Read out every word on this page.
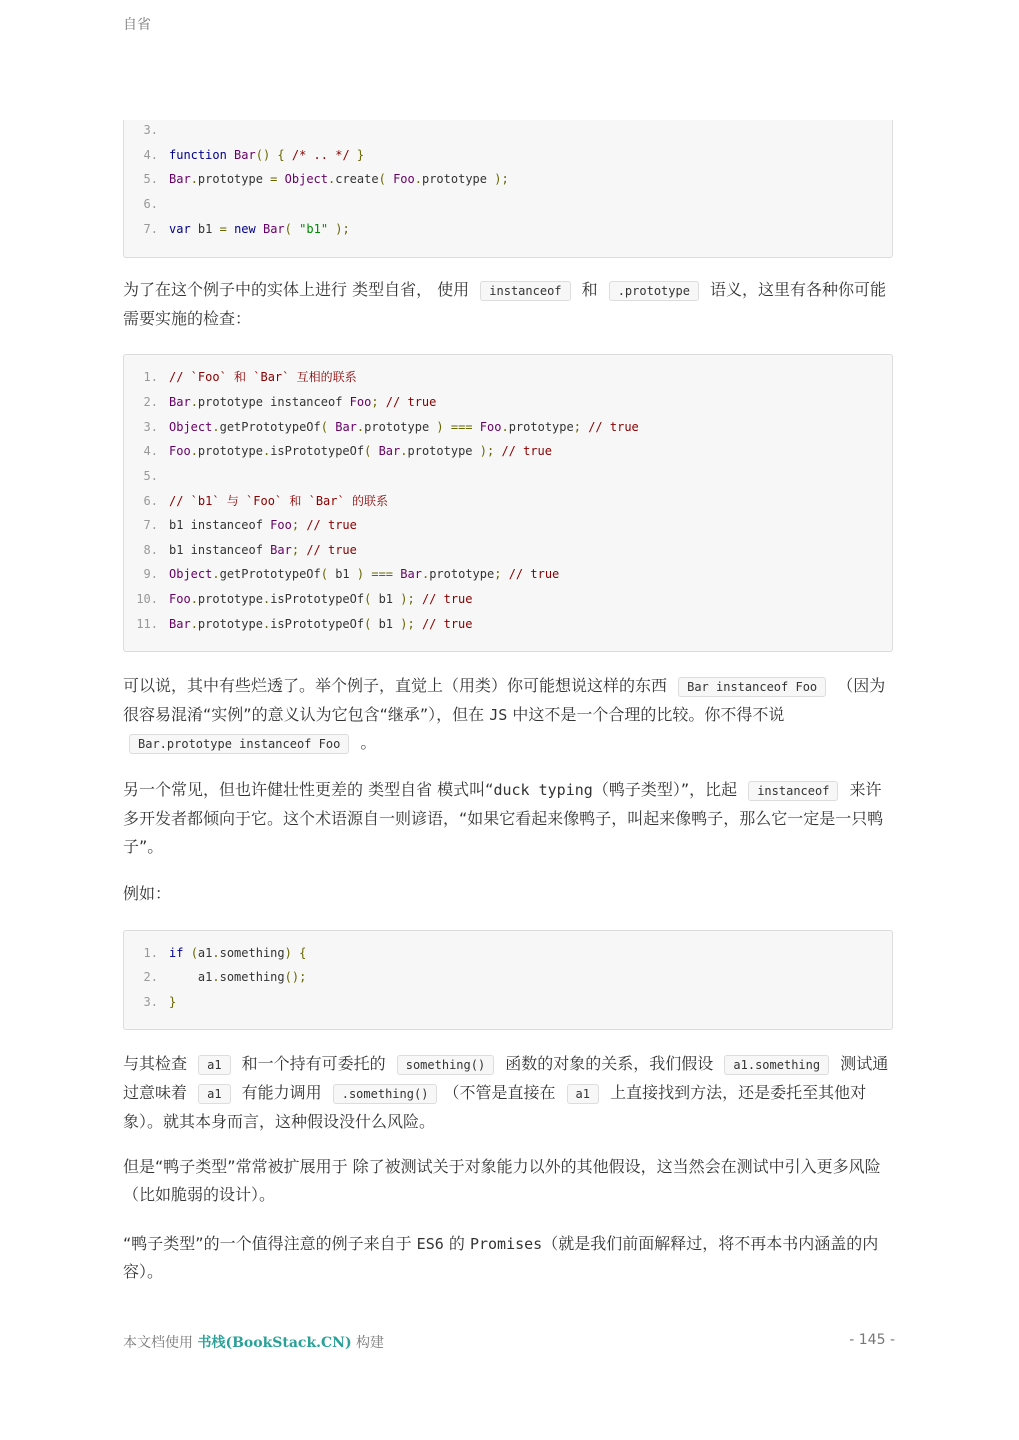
自省
3.
4. function Bar() { /* .. */ }
5. Bar.prototype = Object.create( Foo.prototype );
6.
7. var b1 = new Bar( "b1" );
为了在这个例子中的实体上进行 类型自省， 使用 instanceof 和 .prototype 语义，这里有各种你可能需要实施的检查：
1. // `Foo` 和 `Bar` 互相的联系
2. Bar.prototype instanceof Foo; // true
3. Object.getPrototypeOf( Bar.prototype ) === Foo.prototype; // true
4. Foo.prototype.isPrototypeOf( Bar.prototype ); // true
5.
6. // `b1` 与 `Foo` 和 `Bar` 的联系
7. b1 instanceof Foo; // true
8. b1 instanceof Bar; // true
9. Object.getPrototypeOf( b1 ) === Bar.prototype; // true
10. Foo.prototype.isPrototypeOf( b1 ); // true
11. Bar.prototype.isPrototypeOf( b1 ); // true
可以说，其中有些烂透了。举个例子，直觉上（用类）你可能想说这样的东西 Bar instanceof Foo （因为很容易混淆“实例”的意义认为它包含“继承”），但在 JS 中这不是一个合理的比较。你不得不说 Bar.prototype instanceof Foo 。
另一个常见，但也许健壮性更差的 类型自省 模式叫“duck typing（鸭子类型）”，比起 instanceof 来许多开发者都倾向于它。这个术语源自一则谚语，“如果它看起来像鸭子，叫起来像鸭子，那么它一定是一只鸭子”。
例如：
1. if (a1.something) {
2.    a1.something();
3. }
与其检查 a1 和一个持有可委托的 something() 函数的对象的关系，我们假设 a1.something 测试通过意味着 a1 有能力调用 .something() （不管是直接在 a1 上直接找到方法，还是委托至其他对象）。就其本身而言，这种假设没什么风险。
但是“鸭子类型”常常被扩展用于 除了被测试关于对象能力以外的其他假设，这当然会在测试中引入更多风险（比如脆弱的设计）。
“鸭子类型”的一个值得注意的例子来自于 ES6 的 Promises（就是我们前面解释过，将不再本书内涵盖的内容）。
本文档使用 书栈(BookStack.CN) 构建	- 145 -
